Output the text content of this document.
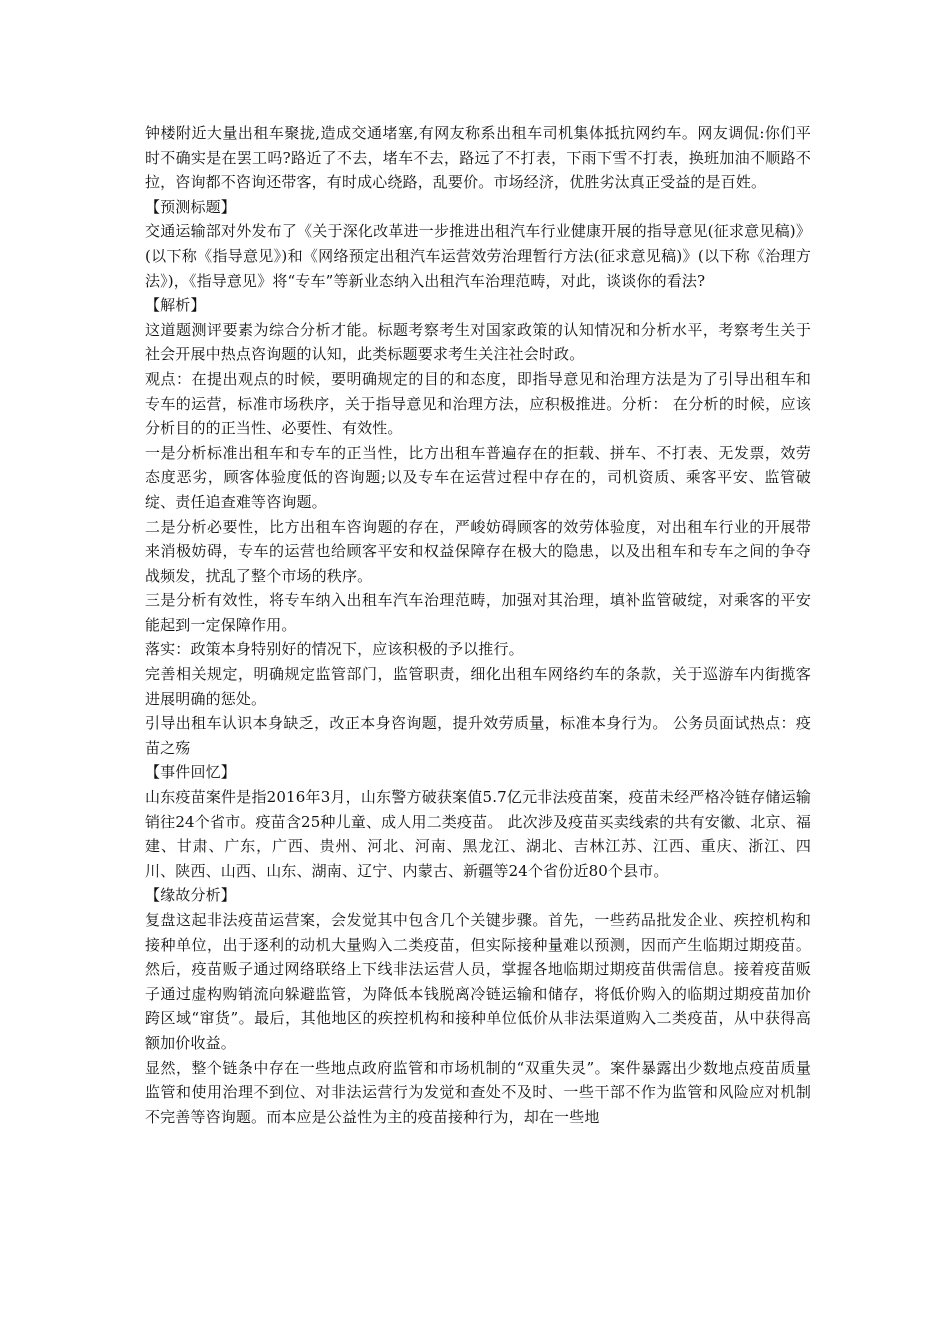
钟楼附近大量出租车聚拢,造成交通堵塞,有网友称系出租车司机集体抵抗网约车。网友调侃:你们平时不确实是在罢工吗?路近了不去，堵车不去，路远了不打表，下雨下雪不打表，换班加油不顺路不拉，咨询都不咨询还带客，有时成心绕路，乱要价。市场经济，优胜劣汰真正受益的是百姓。

【预测标题】

交通运输部对外发布了《关于深化改革进一步推进出租汽车行业健康开展的指导意见(征求意见稿)》(以下称《指导意见》)和《网络预定出租汽车运营效劳治理暂行方法(征求意见稿)》(以下称《治理方法》)，《指导意见》将“专车”等新业态纳入出租汽车治理范畴，对此，谈谈你的看法?

【解析】

这道题测评要素为综合分析才能。标题考察考生对国家政策的认知情况和分析水平，考察考生关于社会开展中热点咨询题的认知，此类标题要求考生关注社会时政。

观点：在提出观点的时候，要明确规定的目的和态度，即指导意见和治理方法是为了引导出租车和专车的运营，标准市场秩序，关于指导意见和治理方法，应积极推进。分析： 在分析的时候，应该分析目的的正当性、必要性、有效性。

一是分析标准出租车和专车的正当性，比方出租车普遍存在的拒载、拼车、不打表、无发票，效劳态度恶劣，顾客体验度低的咨询题;以及专车在运营过程中存在的，司机资质、乘客平安、监管破绽、责任追查难等咨询题。

二是分析必要性，比方出租车咨询题的存在，严峻妨碍顾客的效劳体验度，对出租车行业的开展带来消极妨碍，专车的运营也给顾客平安和权益保障存在极大的隐患，以及出租车和专车之间的争夺战频发，扰乱了整个市场的秩序。

三是分析有效性，将专车纳入出租车汽车治理范畴，加强对其治理，填补监管破绽，对乘客的平安能起到一定保障作用。

落实：政策本身特别好的情况下，应该积极的予以推行。

完善相关规定，明确规定监管部门，监管职责，细化出租车网络约车的条款，关于巡游车内街揽客进展明确的惩处。

引导出租车认识本身缺乏，改正本身咨询题，提升效劳质量，标准本身行为。 公务员面试热点：疫苗之殇

【事件回忆】

山东疫苗案件是指2016年3月，山东警方破获案值5.7亿元非法疫苗案，疫苗未经严格冷链存储运输销往24个省市。疫苗含25种儿童、成人用二类疫苗。 此次涉及疫苗买卖线索的共有安徽、北京、福建、甘肃、广东，广西、贵州、河北、河南、黑龙江、湖北、吉林江苏、江西、重庆、浙江、四川、陕西、山西、山东、湖南、辽宁、内蒙古、新疆等24个省份近80个县市。

【缘故分析】

复盘这起非法疫苗运营案，会发觉其中包含几个关键步骤。首先，一些药品批发企业、疾控机构和接种单位，出于逐利的动机大量购入二类疫苗，但实际接种量难以预测，因而产生临期过期疫苗。然后，疫苗贩子通过网络联络上下线非法运营人员，掌握各地临期过期疫苗供需信息。接着疫苗贩子通过虚构购销流向躲避监管，为降低本钱脱离冷链运输和储存，将低价购入的临期过期疫苗加价跨区域“窜货”。最后，其他地区的疾控机构和接种单位低价从非法渠道购入二类疫苗，从中获得高额加价收益。

显然，整个链条中存在一些地点政府监管和市场机制的“双重失灵”。案件暴露出少数地点疫苗质量监管和使用治理不到位、对非法运营行为发觉和查处不及时、一些干部不作为监管和风险应对机制不完善等咨询题。而本应是公益性为主的疫苗接种行为，却在一些地
